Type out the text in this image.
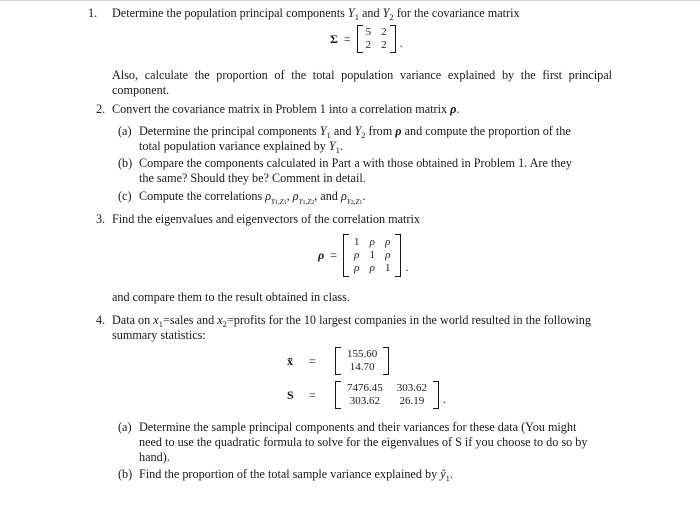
1. Determine the population principal components $Y_1$ and $Y_2$ for the covariance matrix
Σ = 5 2
2 2 .
Also, calculate the proportion of the total population variance explained by the first principal component.
2. Convert the covariance matrix in Problem 1 into a correlation matrix ρ.
(a) Determine the principal components $Y_1$ and $Y_2$ from ρ and compute the proportion of the
total population variance explained by $Y_1$.
(b) Compare the components calculated in Part a with those obtained in Problem 1. Are they
the same? Should they be? Comment in detail.
(c) Compute the correlations $\rho_{Y1,Z1}$, $\rho_{Y1,Z2}$, and $\rho_{Y2,Z1}$.
3. Find the eigenvalues and eigenvectors of the correlation matrix
ρ =
1 ρ ρ
ρ 1 ρ
ρ ρ 1 .
and compare them to the result obtained in class.
4. Data on $x_1=sales$ and $x_2=profits$ for the 10 largest companies in the world resulted in the following
summary statistics:
x̄	=	155.60
14.70
S	=	7476.45 303.62
303.62 26.19 .
(a) Determine the sample principal components and their variances for these data (You might
need to use the quadratic formula to solve for the eigenvalues of S if you choose to do so by
hand).
(b) Find the proportion of the total sample variance explained by $ŷ_1$.
